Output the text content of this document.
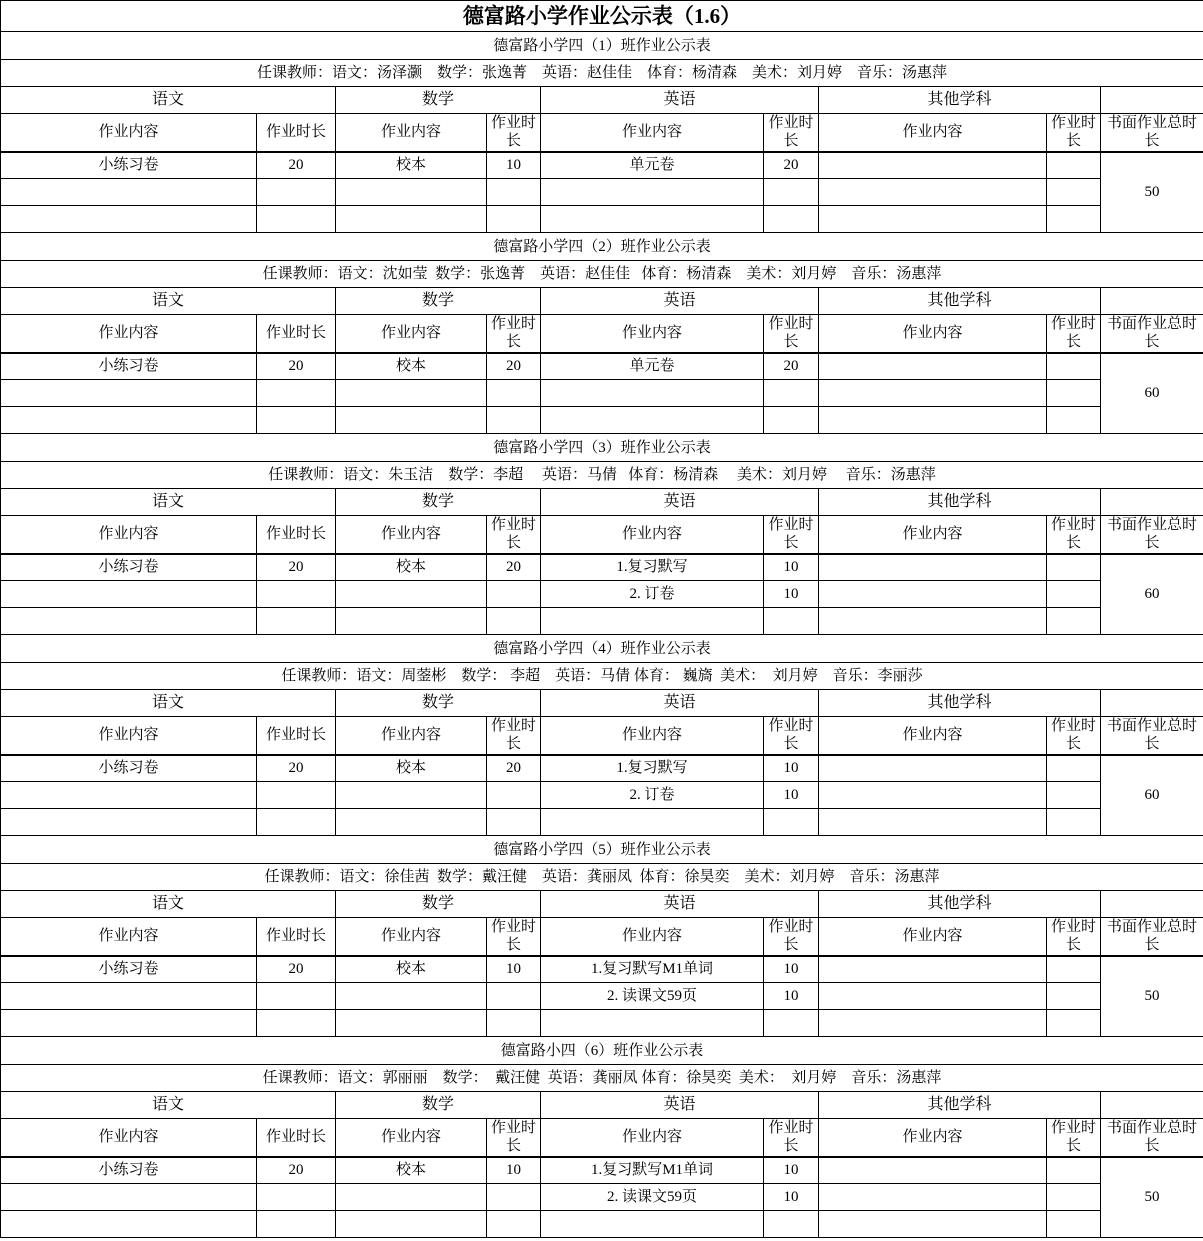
德富路小学作业公示表（1.6）								
德富路小学四（1）班作业公示表								
任课教师：语文：汤泽灏    数学：张逸菁    英语：赵佳佳    体育：杨清森    美术：刘月婷    音乐：汤惠萍								
语文		数学		英语		其他学科		
作业内容	作业时长	作业内容	作业时长	作业内容	作业时长	作业内容	作业时长	书面作业总时长
小练习卷	20	校本	10	单元卷	20			50

德富路小学四（2）班作业公示表								
任课教师：语文：沈如莹  数学：张逸菁    英语：赵佳佳   体育：杨清森    美术：刘月婷    音乐：汤惠萍								
语文		数学		英语		其他学科		
作业内容	作业时长	作业内容	作业时长	作业内容	作业时长	作业内容	作业时长	书面作业总时长
小练习卷	20	校本	20	单元卷	20			60

德富路小学四（3）班作业公示表								
任课教师：语文：朱玉洁    数学：李超     英语：马倩   体育：杨清森     美术：刘月婷     音乐：汤惠萍								
语文		数学		英语		其他学科		
作业内容	作业时长	作业内容	作业时长	作业内容	作业时长	作业内容	作业时长	书面作业总时长
小练习卷	20	校本	20	1.复习默写	10			60
				2. 订卷	10			

德富路小学四（4）班作业公示表								
任课教师：语文：周蓥彬    数学： 李超    英语：马倩 体育： 巍旖  美术：  刘月婷    音乐：李丽莎								
语文		数学		英语		其他学科		
作业内容	作业时长	作业内容	作业时长	作业内容	作业时长	作业内容	作业时长	书面作业总时长
小练习卷	20	校本	20	1.复习默写	10			60
				2. 订卷	10			

德富路小学四（5）班作业公示表								
任课教师：语文：徐佳茜  数学：戴汪健    英语：龚丽凤  体育：徐昊奕    美术：刘月婷    音乐：汤惠萍								
语文		数学		英语		其他学科		
作业内容	作业时长	作业内容	作业时长	作业内容	作业时长	作业内容	作业时长	书面作业总时长
小练习卷	20	校本	10	1.复习默写M1单词	10			50
				2. 读课文59页	10			

德富路小四（6）班作业公示表								
任课教师：语文：郭丽丽    数学：  戴汪健  英语：龚丽凤 体育：徐昊奕  美术：  刘月婷    音乐：汤惠萍								
语文		数学		英语		其他学科		
作业内容	作业时长	作业内容	作业时长	作业内容	作业时长	作业内容	作业时长	书面作业总时长
小练习卷	20	校本	10	1.复习默写M1单词	10			50
				2. 读课文59页	10			
